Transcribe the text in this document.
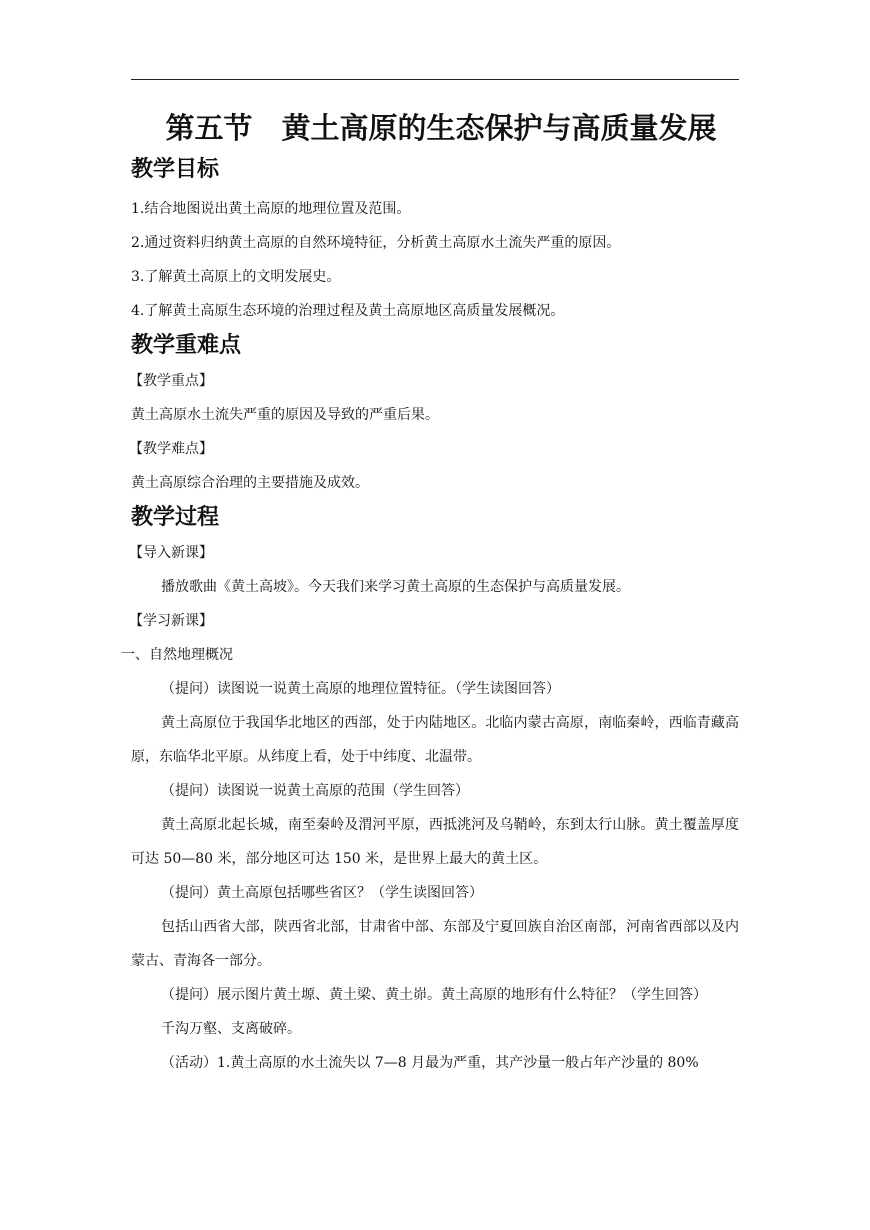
第五节　黄土高原的生态保护与高质量发展
教学目标

1.结合地图说出黄土高原的地理位置及范围。

2.通过资料归纳黄土高原的自然环境特征，分析黄土高原水土流失严重的原因。

3.了解黄土高原上的文明发展史。

4.了解黄土高原生态环境的治理过程及黄土高原地区高质量发展概况。

教学重难点

【教学重点】

黄土高原水土流失严重的原因及导致的严重后果。

【教学难点】

黄土高原综合治理的主要措施及成效。

教学过程

【导入新课】

播放歌曲《黄土高坡》。今天我们来学习黄土高原的生态保护与高质量发展。

【学习新课】

一、自然地理概况

（提问）读图说一说黄土高原的地理位置特征。（学生读图回答）

黄土高原位于我国华北地区的西部，处于内陆地区。北临内蒙古高原，南临秦岭，西临青藏高原，东临华北平原。从纬度上看，处于中纬度、北温带。

（提问）读图说一说黄土高原的范围（学生回答）

黄土高原北起长城，南至秦岭及渭河平原，西抵洮河及乌鞘岭，东到太行山脉。黄土覆盖厚度可达 50—80 米，部分地区可达 150 米，是世界上最大的黄土区。

（提问）黄土高原包括哪些省区？（学生读图回答）

包括山西省大部，陕西省北部，甘肃省中部、东部及宁夏回族自治区南部，河南省西部以及内蒙古、青海各一部分。

（提问）展示图片黄土塬、黄土梁、黄土峁。黄土高原的地形有什么特征？（学生回答）

千沟万壑、支离破碎。

（活动）1.黄土高原的水土流失以 7—8 月最为严重，其产沙量一般占年产沙量的 80%
